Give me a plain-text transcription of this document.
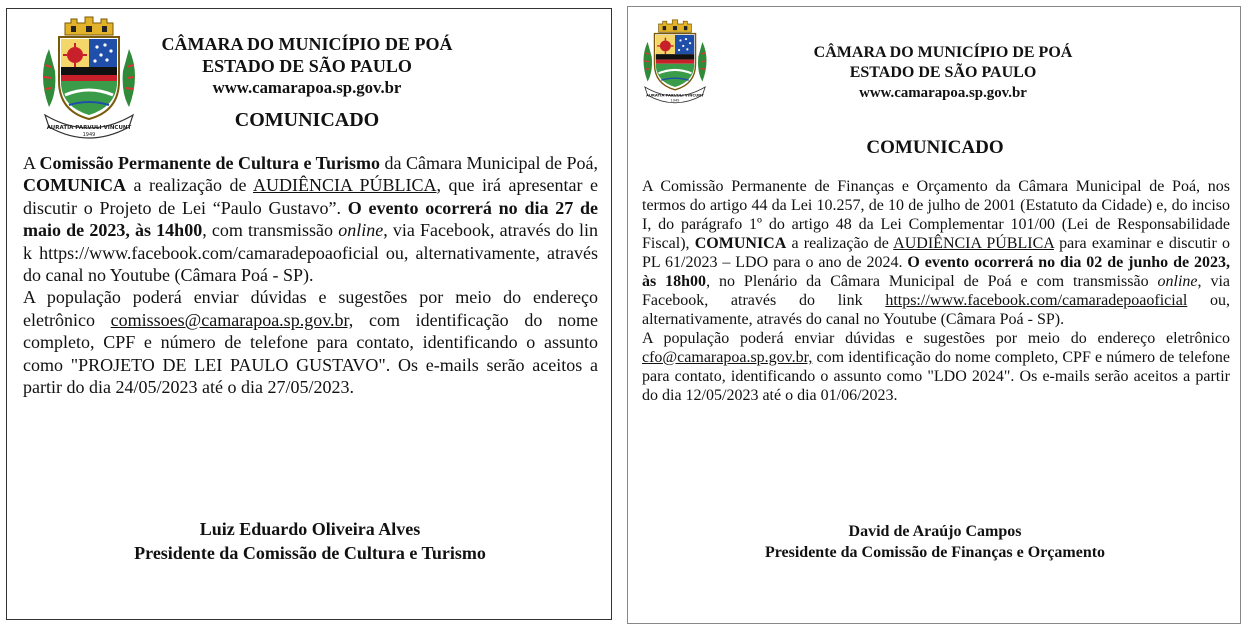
AURATIA PARVULI VINCUNT
1949
CÂMARA DO MUNICÍPIO DE POÁ
ESTADO DE SÃO PAULO
www.camarapoa.sp.gov.br
COMUNICADO

A Comissão Permanente de Cultura e Turismo da Câmara Municipal de Poá, COMUNICA a realização de AUDIÊNCIA PÚBLICA, que irá apresentar e discutir o Projeto de Lei “Paulo Gustavo”. O evento ocorrerá no dia 27 de maio de 2023, às 14h00, com transmissão online, via Facebook, através do link https://www.facebook.com/camaradepoaoficial ou, alternativamente, através do canal no Youtube (Câmara Poá - SP).

A população poderá enviar dúvidas e sugestões por meio do endereço eletrônico comissoes@camarapoa.sp.gov.br, com identificação do nome completo, CPF e número de telefone para contato, identificando o assunto como "PROJETO DE LEI PAULO GUSTAVO". Os e-mails serão aceitos a partir do dia 24/05/2023 até o dia 27/05/2023.

Luiz Eduardo Oliveira Alves
Presidente da Comissão de Cultura e Turismo
AURATIA PARVULI VINCUNT
1949
CÂMARA DO MUNICÍPIO DE POÁ
ESTADO DE SÃO PAULO
www.camarapoa.sp.gov.br
COMUNICADO

A Comissão Permanente de Finanças e Orçamento da Câmara Municipal de Poá, nos termos do artigo 44 da Lei 10.257, de 10 de julho de 2001 (Estatuto da Cidade) e, do inciso I, do parágrafo 1º do artigo 48 da Lei Complementar 101/00 (Lei de Responsabilidade Fiscal), COMUNICA a realização de AUDIÊNCIA PÚBLICA para examinar e discutir o PL 61/2023 – LDO para o ano de 2024. O evento ocorrerá no dia 02 de junho de 2023, às 18h00, no Plenário da Câmara Municipal de Poá e com transmissão online, via Facebook, através do link https://www.facebook.com/camaradepoaoficial ou, alternativamente, através do canal no Youtube (Câmara Poá - SP).

A população poderá enviar dúvidas e sugestões por meio do endereço eletrônico cfo@camarapoa.sp.gov.br, com identificação do nome completo, CPF e número de telefone para contato, identificando o assunto como "LDO 2024". Os e-mails serão aceitos a partir do dia 12/05/2023 até o dia 01/06/2023.

David de Araújo Campos
Presidente da Comissão de Finanças e Orçamento
